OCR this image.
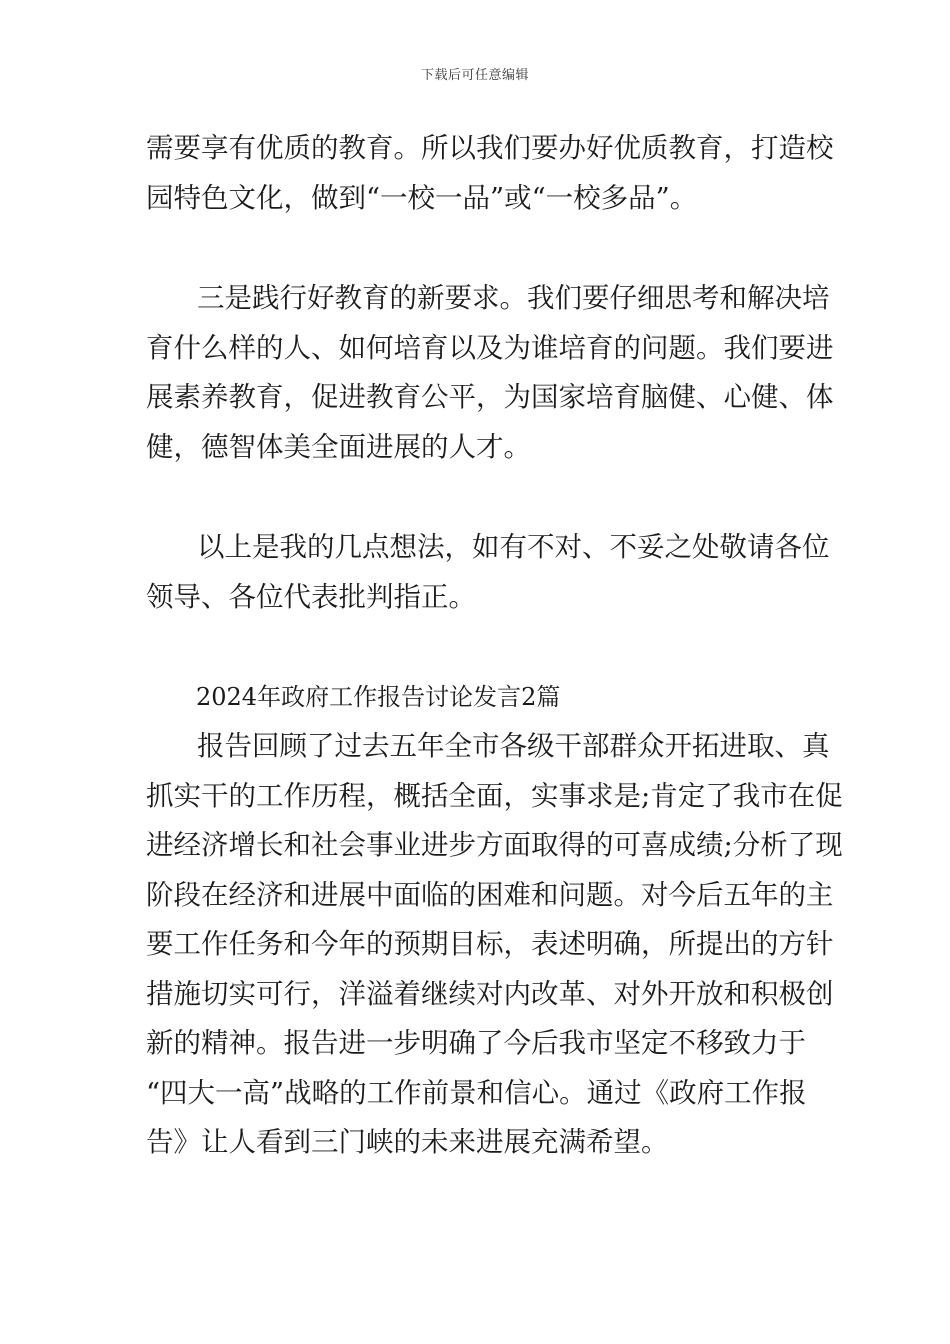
下载后可任意编辑
需要享有优质的教育。所以我们要办好优质教育，打造校
园特色文化，做到“一校一品”或“一校多品”。
三是践行好教育的新要求。我们要仔细思考和解决培
育什么样的人、如何培育以及为谁培育的问题。我们要进
展素养教育，促进教育公平，为国家培育脑健、心健、体
健，德智体美全面进展的人才。
以上是我的几点想法，如有不对、不妥之处敬请各位
领导、各位代表批判指正。
2024年政府工作报告讨论发言2篇
报告回顾了过去五年全市各级干部群众开拓进取、真
抓实干的工作历程，概括全面，实事求是;肯定了我市在促
进经济增长和社会事业进步方面取得的可喜成绩;分析了现
阶段在经济和进展中面临的困难和问题。对今后五年的主
要工作任务和今年的预期目标，表述明确，所提出的方针
措施切实可行，洋溢着继续对内改革、对外开放和积极创
新的精神。报告进一步明确了今后我市坚定不移致力于
“四大一高”战略的工作前景和信心。通过《政府工作报
告》让人看到三门峡的未来进展充满希望。
